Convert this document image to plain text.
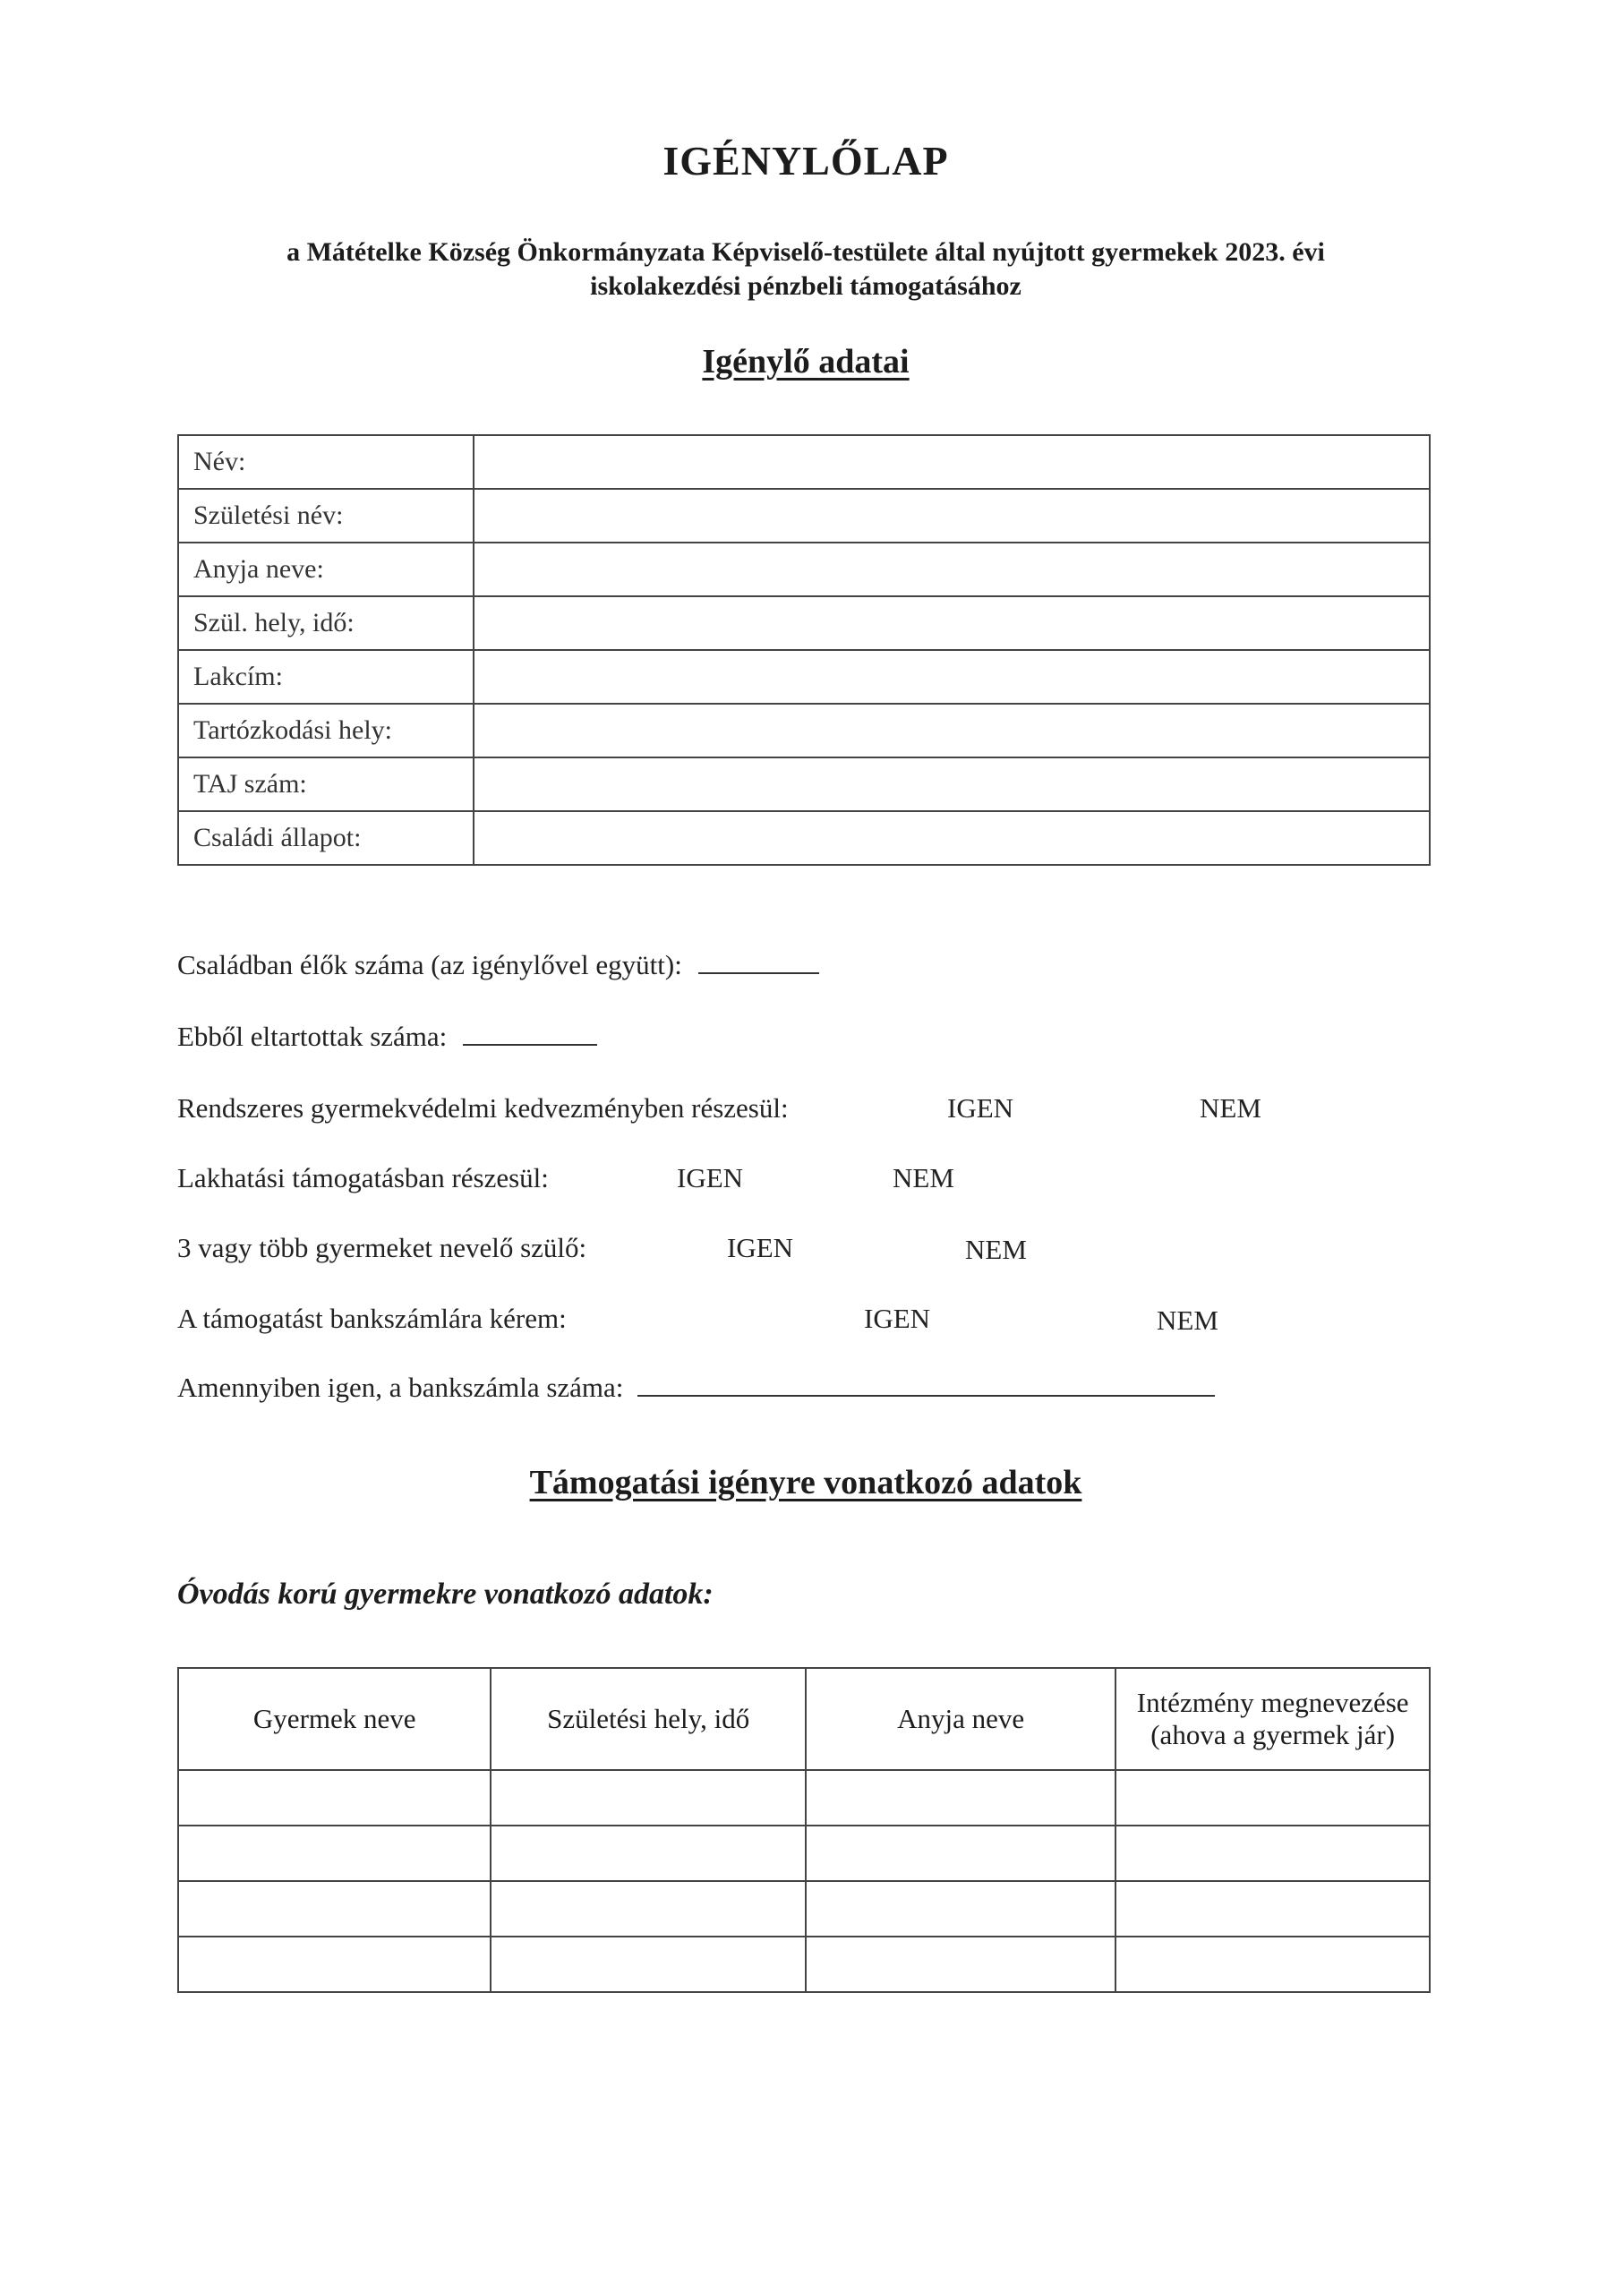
IGÉNYLŐLAP
a Mátételke Község Önkormányzata Képviselő-testülete által nyújtott gyermekek 2023. évi
iskolakezdési pénzbeli támogatásához
Igénylő adatai
Név:	
Születési név:	
Anyja neve:	
Szül. hely, idő:	
Lakcím:	
Tartózkodási hely:	
TAJ szám:	
Családi állapot:	
Családban élők száma (az igénylővel együtt):
Ebből eltartottak száma:
Rendszeres gyermekvédelmi kedvezményben részesül:	IGEN	NEM
Lakhatási támogatásban részesül:	IGEN	NEM
3 vagy több gyermeket nevelő szülő:	IGEN	NEM
A támogatást bankszámlára kérem:	IGEN	NEM
Amennyiben igen, a bankszámla száma:
Támogatási igényre vonatkozó adatok
Óvodás korú gyermekre vonatkozó adatok:
Gyermek neve	Születési hely, idő	Anyja neve	Intézmény megnevezése (ahova a gyermek jár)
